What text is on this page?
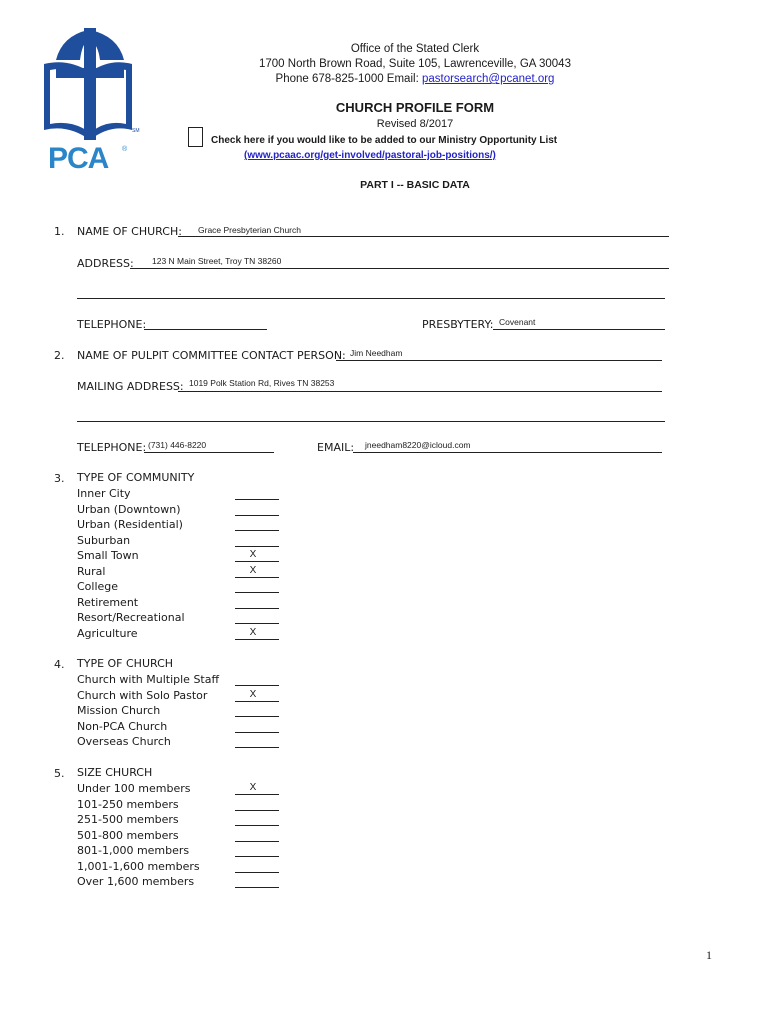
SM
PCA ®
Office of the Stated Clerk
1700 North Brown Road, Suite 105, Lawrenceville, GA 30043
Phone 678-825-1000 Email: pastorsearch@pcanet.org
CHURCH PROFILE FORM
Revised 8/2017
Check here if you would like to be added to our Ministry Opportunity List
(www.pcaac.org/get-involved/pastoral-job-positions/)
PART I -- BASIC DATA
1. NAME OF CHURCH: Grace Presbyterian Church
ADDRESS: 123 N Main Street, Troy TN 38260
TELEPHONE:	PRESBYTERY: Covenant
2. NAME OF PULPIT COMMITTEE CONTACT PERSON: Jim Needham
MAILING ADDRESS: 1019 Polk Station Rd, Rives TN 38253
TELEPHONE: (731) 446-8220	EMAIL: jneedham8220@icloud.com
3. TYPE OF COMMUNITY
Inner City
Urban (Downtown)
Urban (Residential)
Suburban
Small Town	X
Rural	X
College
Retirement
Resort/Recreational
Agriculture	X
4. TYPE OF CHURCH
Church with Multiple Staff
Church with Solo Pastor	X
Mission Church
Non-PCA Church
Overseas Church
5. SIZE CHURCH
Under 100 members	X
101-250 members
251-500 members
501-800 members
801-1,000 members
1,001-1,600 members
Over 1,600 members
1
